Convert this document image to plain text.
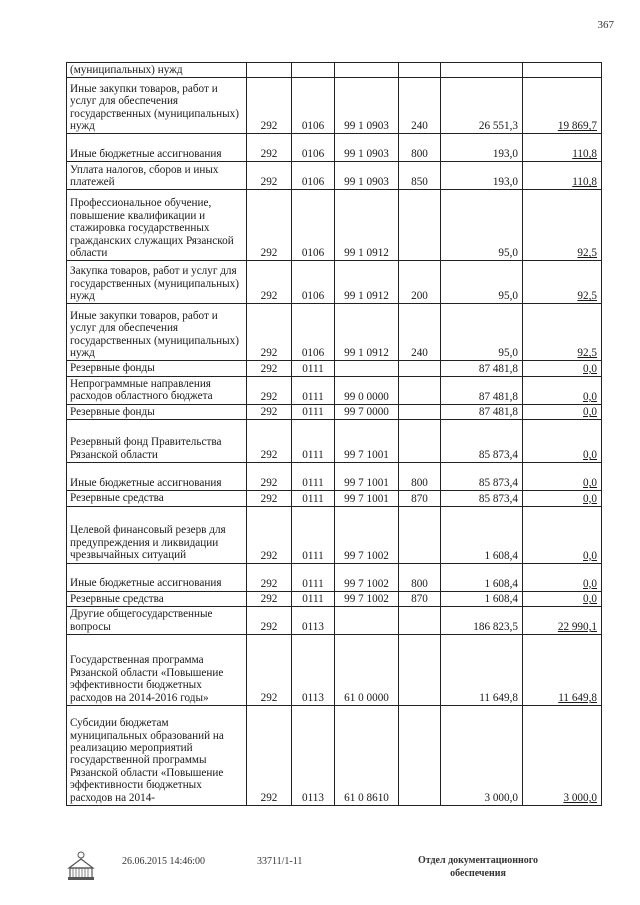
367
(муниципальных) нужд						
Иные закупки товаров, работ и услуг для обеспечения государственных (муниципальных) нужд	292	0106	99 1 0903	240	26 551,3	19 869,7
Иные бюджетные ассигнования	292	0106	99 1 0903	800	193,0	110,8
Уплата налогов, сборов и иных платежей	292	0106	99 1 0903	850	193,0	110,8
Профессиональное обучение, повышение квалификации и стажировка государственных гражданских служащих Рязанской области	292	0106	99 1 0912		95,0	92,5
Закупка товаров, работ и услуг для государственных (муниципальных) нужд	292	0106	99 1 0912	200	95,0	92,5
Иные закупки товаров, работ и услуг для обеспечения государственных (муниципальных) нужд	292	0106	99 1 0912	240	95,0	92,5
Резервные фонды	292	0111			87 481,8	0,0
Непрограммные направления расходов областного бюджета	292	0111	99 0 0000		87 481,8	0,0
Резервные фонды	292	0111	99 7 0000		87 481,8	0,0
Резервный фонд Правительства Рязанской области	292	0111	99 7 1001		85 873,4	0,0
Иные бюджетные ассигнования	292	0111	99 7 1001	800	85 873,4	0,0
Резервные средства	292	0111	99 7 1001	870	85 873,4	0,0
Целевой финансовый резерв для предупреждения и ликвидации чрезвычайных ситуаций	292	0111	99 7 1002		1 608,4	0,0
Иные бюджетные ассигнования	292	0111	99 7 1002	800	1 608,4	0,0
Резервные средства	292	0111	99 7 1002	870	1 608,4	0,0
Другие общегосударственные вопросы	292	0113			186 823,5	22 990,1
Государственная программа Рязанской области «Повышение эффективности бюджетных расходов на 2014-2016 годы»	292	0113	61 0 0000		11 649,8	11 649,8
Субсидии бюджетам муниципальных образований на реализацию мероприятий государственной программы Рязанской области «Повышение эффективности бюджетных расходов на 2014-	292	0113	61 0 8610		3 000,0	3 000,0
26.06.2015 14:46:00	33711/1-11	Отдел документационного обеспечения
